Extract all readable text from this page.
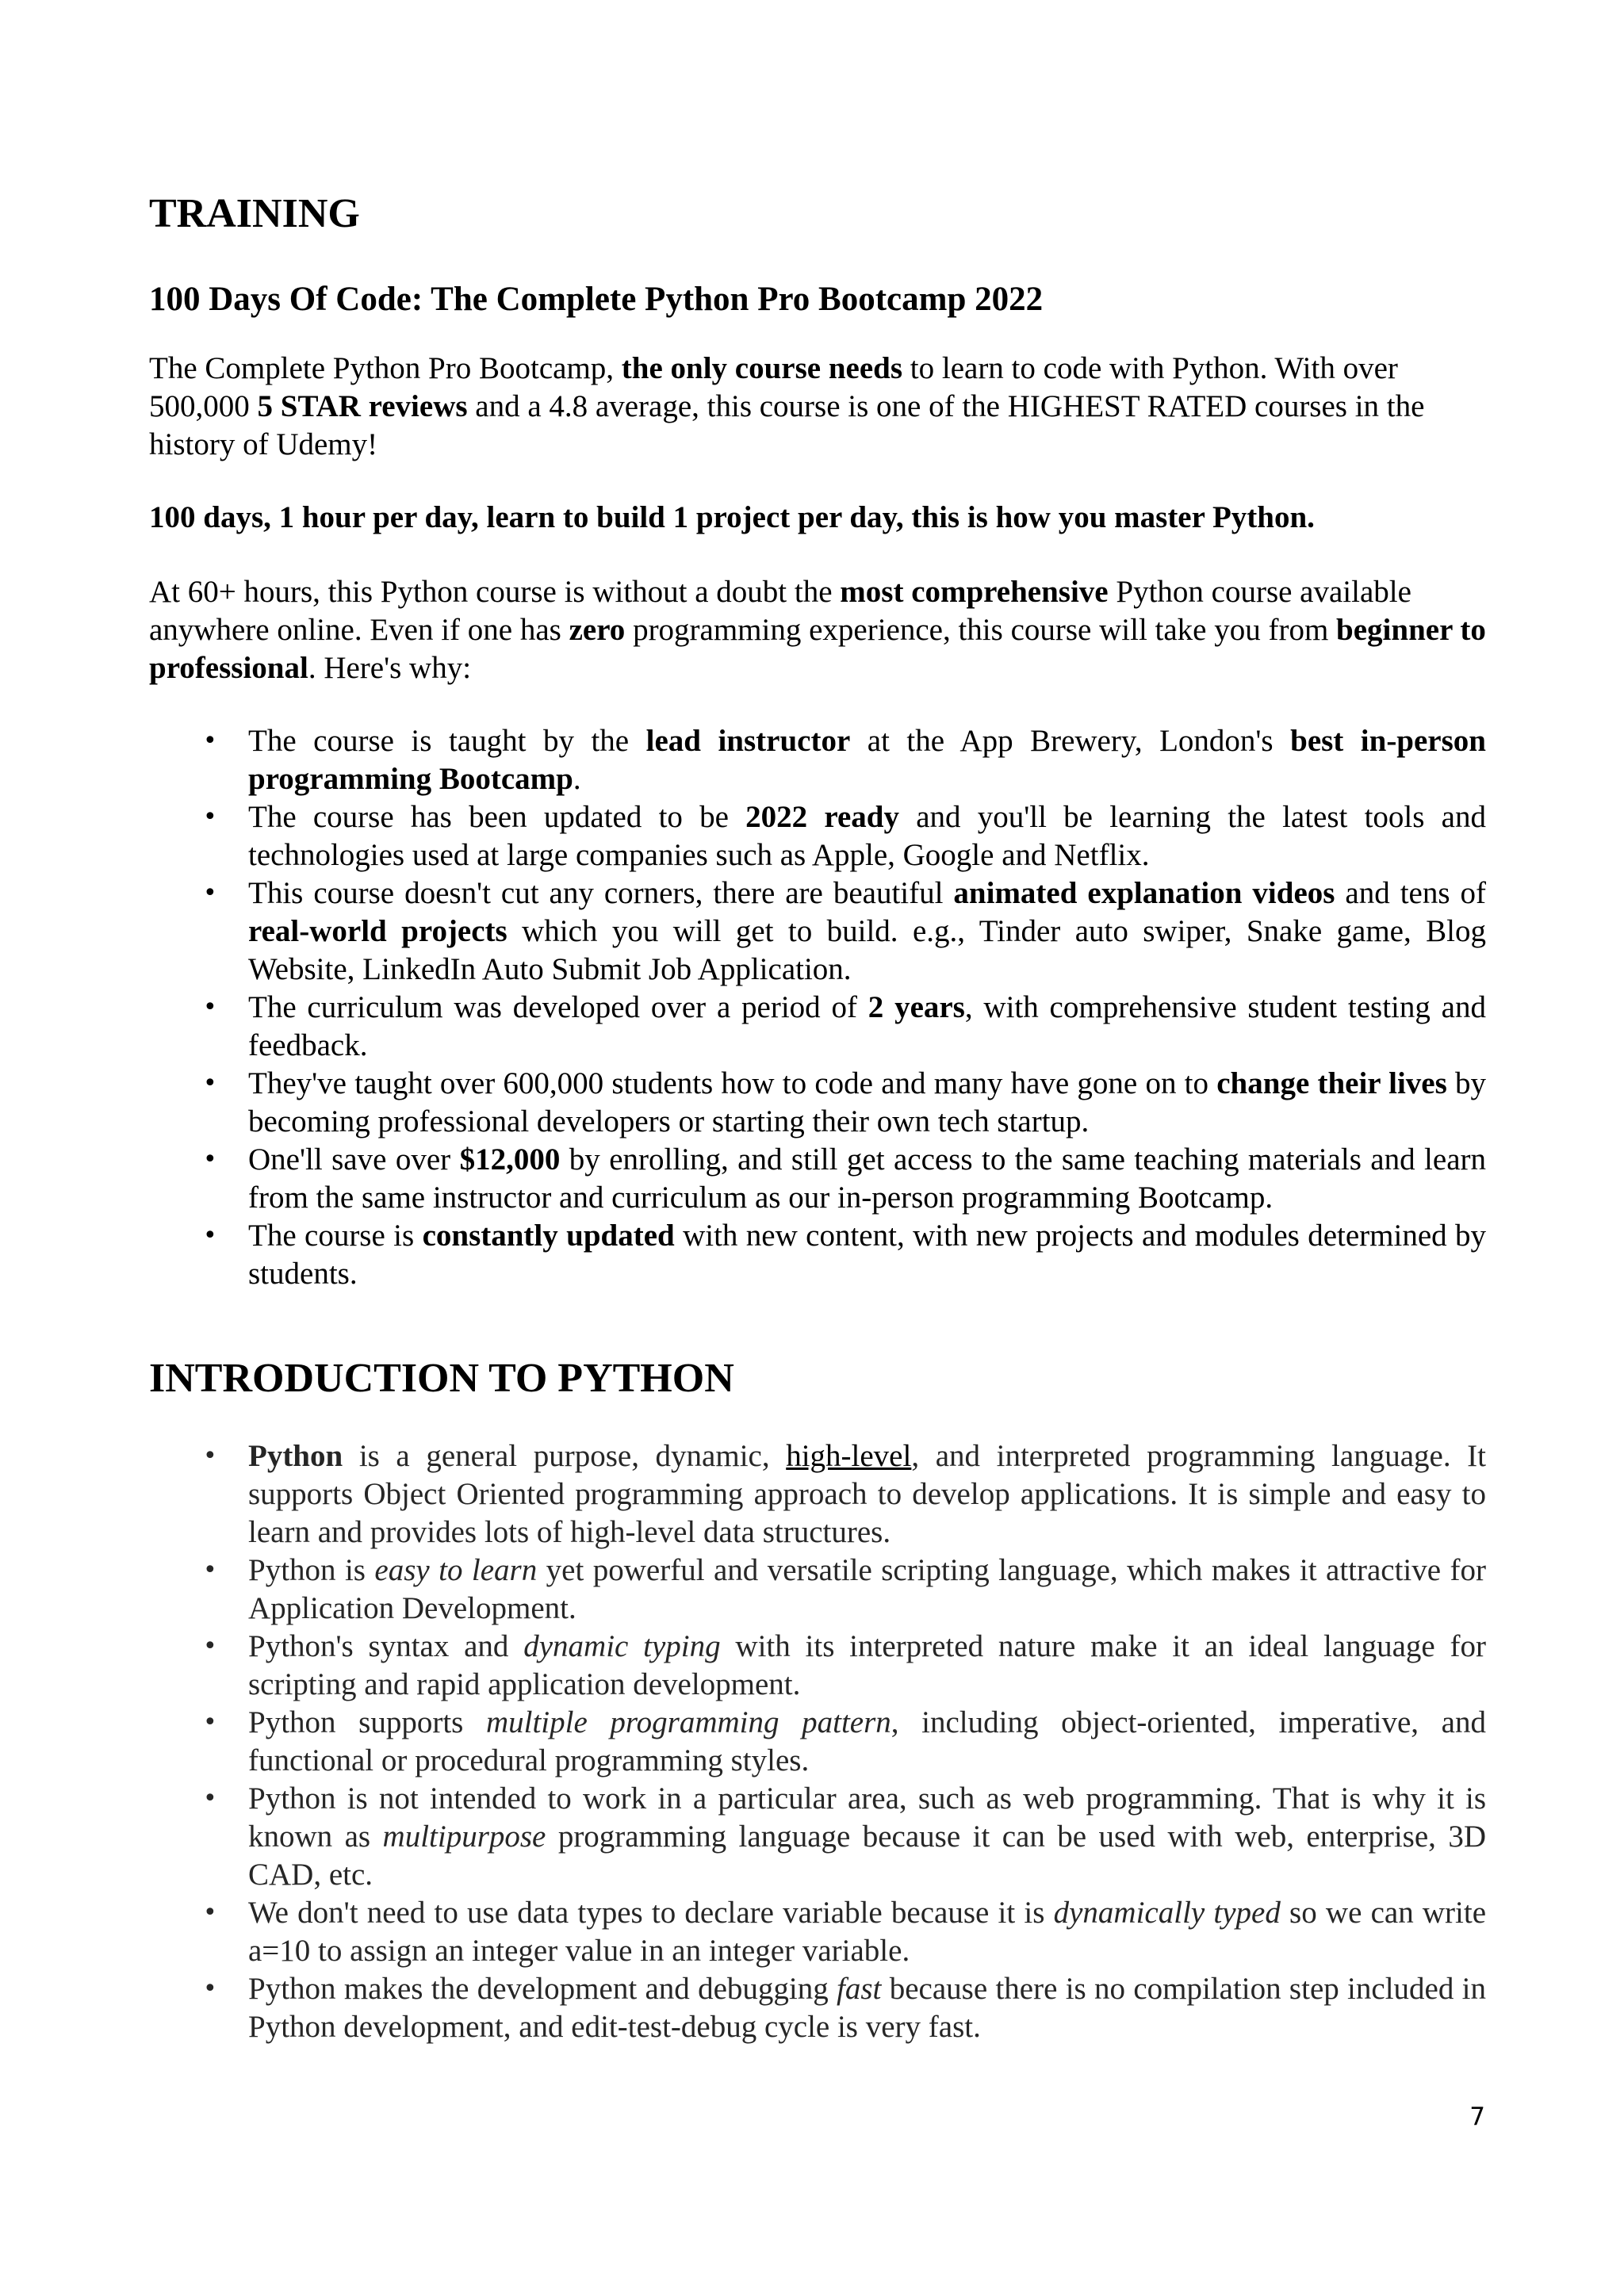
TRAINING
100 Days Of Code: The Complete Python Pro Bootcamp 2022

The Complete Python Pro Bootcamp, the only course needs to learn to code with Python. With over 500,000 5 STAR reviews and a 4.8 average, this course is one of the HIGHEST RATED courses in the history of Udemy!

100 days, 1 hour per day, learn to build 1 project per day, this is how you master Python.

At 60+ hours, this Python course is without a doubt the most comprehensive Python course available anywhere online. Even if one has zero programming experience, this course will take you from beginner to professional. Here's why:

• The course is taught by the lead instructor at the App Brewery, London's best in-person programming Bootcamp.
• The course has been updated to be 2022 ready and you'll be learning the latest tools and technologies used at large companies such as Apple, Google and Netflix.
• This course doesn't cut any corners, there are beautiful animated explanation videos and tens of real-world projects which you will get to build. e.g., Tinder auto swiper, Snake game, Blog Website, LinkedIn Auto Submit Job Application.
• The curriculum was developed over a period of 2 years, with comprehensive student testing and feedback.
• They've taught over 600,000 students how to code and many have gone on to change their lives by becoming professional developers or starting their own tech startup.
• One'll save over $12,000 by enrolling, and still get access to the same teaching materials and learn from the same instructor and curriculum as our in-person programming Bootcamp.
• The course is constantly updated with new content, with new projects and modules determined by students.
INTRODUCTION TO PYTHON
• Python is a general purpose, dynamic, high-level, and interpreted programming language. It supports Object Oriented programming approach to develop applications. It is simple and easy to learn and provides lots of high-level data structures.
• Python is easy to learn yet powerful and versatile scripting language, which makes it attractive for Application Development.
• Python's syntax and dynamic typing with its interpreted nature make it an ideal language for scripting and rapid application development.
• Python supports multiple programming pattern, including object-oriented, imperative, and functional or procedural programming styles.
• Python is not intended to work in a particular area, such as web programming. That is why it is known as multipurpose programming language because it can be used with web, enterprise, 3D CAD, etc.
• We don't need to use data types to declare variable because it is dynamically typed so we can write a=10 to assign an integer value in an integer variable.
• Python makes the development and debugging fast because there is no compilation step included in Python development, and edit-test-debug cycle is very fast.
7
